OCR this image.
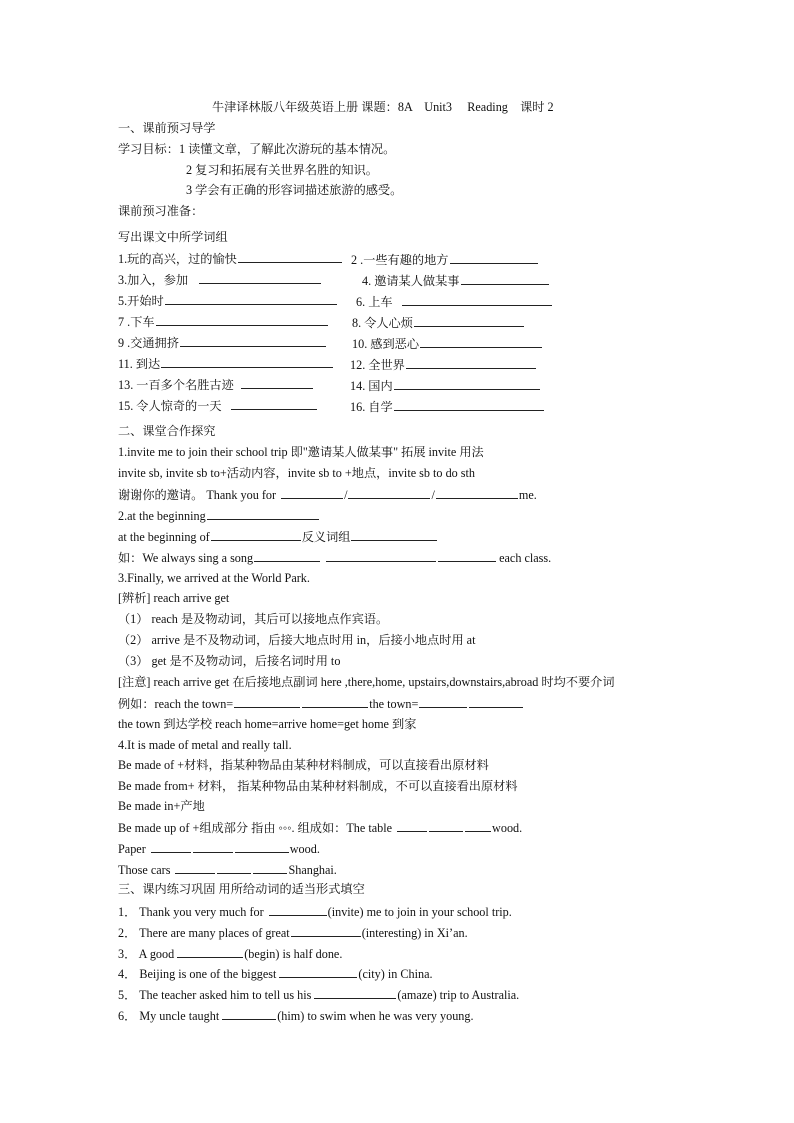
牛津译林版八年级英语上册 课题：8A　Unit3　 Reading　课时 2
一、课前预习导学
学习目标：1 读懂文章，了解此次游玩的基本情况。
2 复习和拓展有关世界名胜的知识。
3 学会有正确的形容词描述旅游的感受。
课前预习准备：
写出课文中所学词组
1.玩的高兴，过的愉快	2 .一些有趣的地方
3.加入，参加	4. 邀请某人做某事
5.开始时	6. 上车
7 .下车	8. 令人心烦
9 .交通拥挤	10. 感到恶心
11. 到达	12. 全世界
13. 一百多个名胜古迹	14. 国内
15. 令人惊奇的一天	16. 自学
二、课堂合作探究
1.invite me to join their school trip 即"邀请某人做某事" 拓展 invite 用法
invite sb, invite sb to+活动内容，invite sb to +地点，invite sb to do sth
谢谢你的邀请。 Thank you for	/	/	me.
2.at the beginning
at the beginning of	反义词组
如：We always sing a song	each class.
3.Finally, we arrived at the World Park.
[辨析] reach arrive get
（1） reach 是及物动词，其后可以接地点作宾语。
（2） arrive 是不及物动词，后接大地点时用 in，后接小地点时用 at
（3） get 是不及物动词，后接名词时用 to
[注意] reach arrive get 在后接地点副词 here ,there,home, upstairs,downstairs,abroad 时均不要介词
例如：reach the town=	the town=
the town 到达学校 reach home=arrive home=get home 到家
4.It is made of metal and really tall.
Be made of +材料，指某种物品由某种材料制成，可以直接看出原材料
Be made from+ 材料， 指某种物品由某种材料制成，不可以直接看出原材料
Be made in+产地
Be made up of +组成部分 指由 ◦◦◦. 组成如：The table	wood.
Paper	wood.
Those cars	Shanghai.
三、课内练习巩固 用所给动词的适当形式填空
1． Thank you very much for	(invite) me to join in your school trip.
2． There are many places of great	(interesting) in Xi’an.
3． A good	(begin) is half done.
4． Beijing is one of the biggest	(city) in China.
5． The teacher asked him to tell us his	(amaze) trip to Australia.
6． My uncle taught	(him) to swim when he was very young.
